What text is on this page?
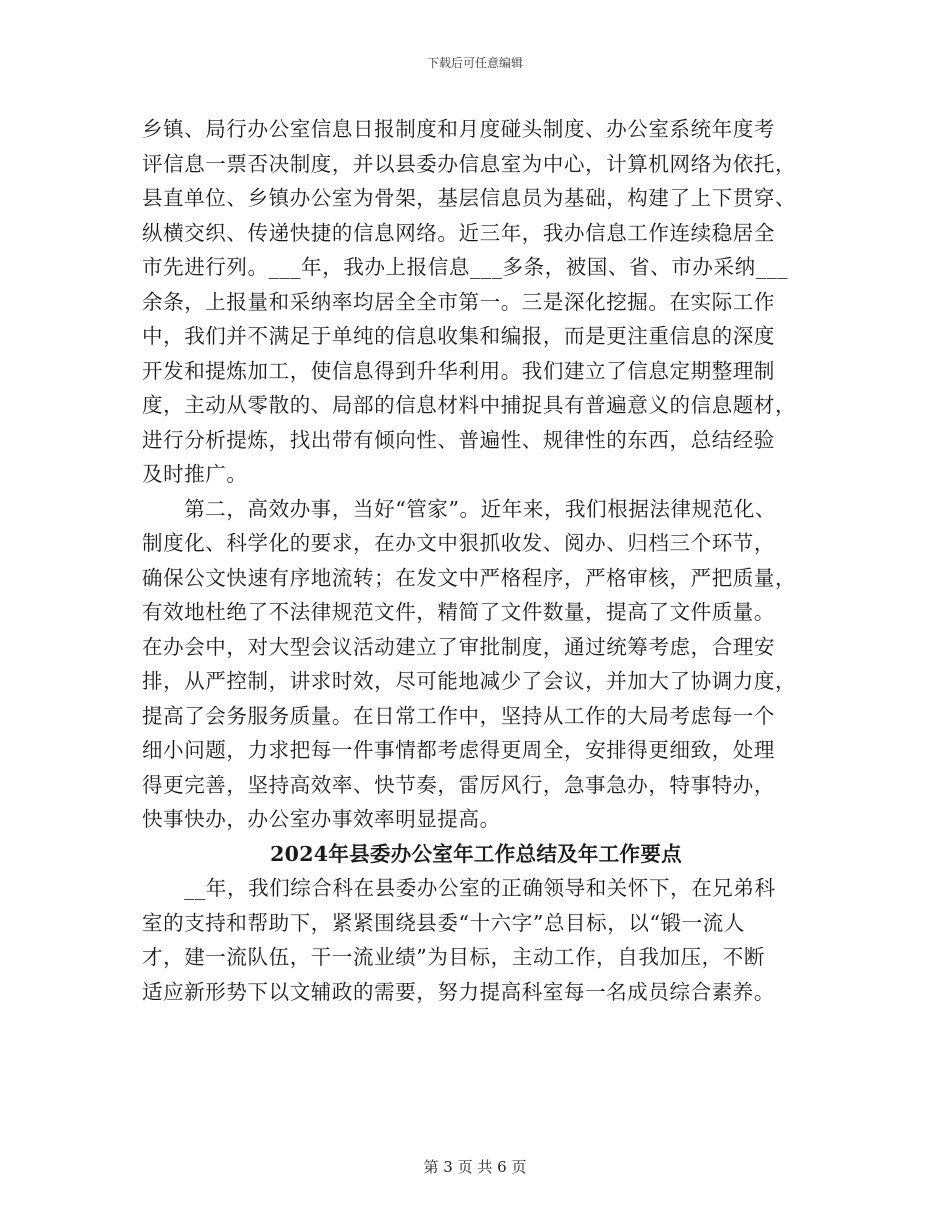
下载后可任意编辑

乡镇、局行办公室信息日报制度和月度碰头制度、办公室系统年度考
评信息一票否决制度，并以县委办信息室为中心，计算机网络为依托，
县直单位、乡镇办公室为骨架，基层信息员为基础，构建了上下贯穿、
纵横交织、传递快捷的信息网络。近三年，我办信息工作连续稳居全
市先进行列。___年，我办上报信息___多条，被国、省、市办采纳___
余条，上报量和采纳率均居全全市第一。三是深化挖掘。在实际工作
中，我们并不满足于单纯的信息收集和编报，而是更注重信息的深度
开发和提炼加工，使信息得到升华利用。我们建立了信息定期整理制
度，主动从零散的、局部的信息材料中捕捉具有普遍意义的信息题材，
进行分析提炼，找出带有倾向性、普遍性、规律性的东西，总结经验
及时推广。

　　第二，高效办事，当好“管家”。近年来，我们根据法律规范化、
制度化、科学化的要求，在办文中狠抓收发、阅办、归档三个环节，
确保公文快速有序地流转；在发文中严格程序，严格审核，严把质量，
有效地杜绝了不法律规范文件，精简了文件数量，提高了文件质量。
在办会中，对大型会议活动建立了审批制度，通过统筹考虑，合理安
排，从严控制，讲求时效，尽可能地减少了会议，并加大了协调力度，
提高了会务服务质量。在日常工作中，坚持从工作的大局考虑每一个
细小问题，力求把每一件事情都考虑得更周全，安排得更细致，处理
得更完善，坚持高效率、快节奏，雷厉风行，急事急办，特事特办，
快事快办，办公室办事效率明显提高。

2024年县委办公室年工作总结及年工作要点

　　__年，我们综合科在县委办公室的正确领导和关怀下，在兄弟科
室的支持和帮助下，紧紧围绕县委“十六字”总目标，以“锻一流人
才，建一流队伍，干一流业绩”为目标，主动工作，自我加压，不断
适应新形势下以文辅政的需要，努力提高科室每一名成员综合素养。

第 3 页 共 6 页
